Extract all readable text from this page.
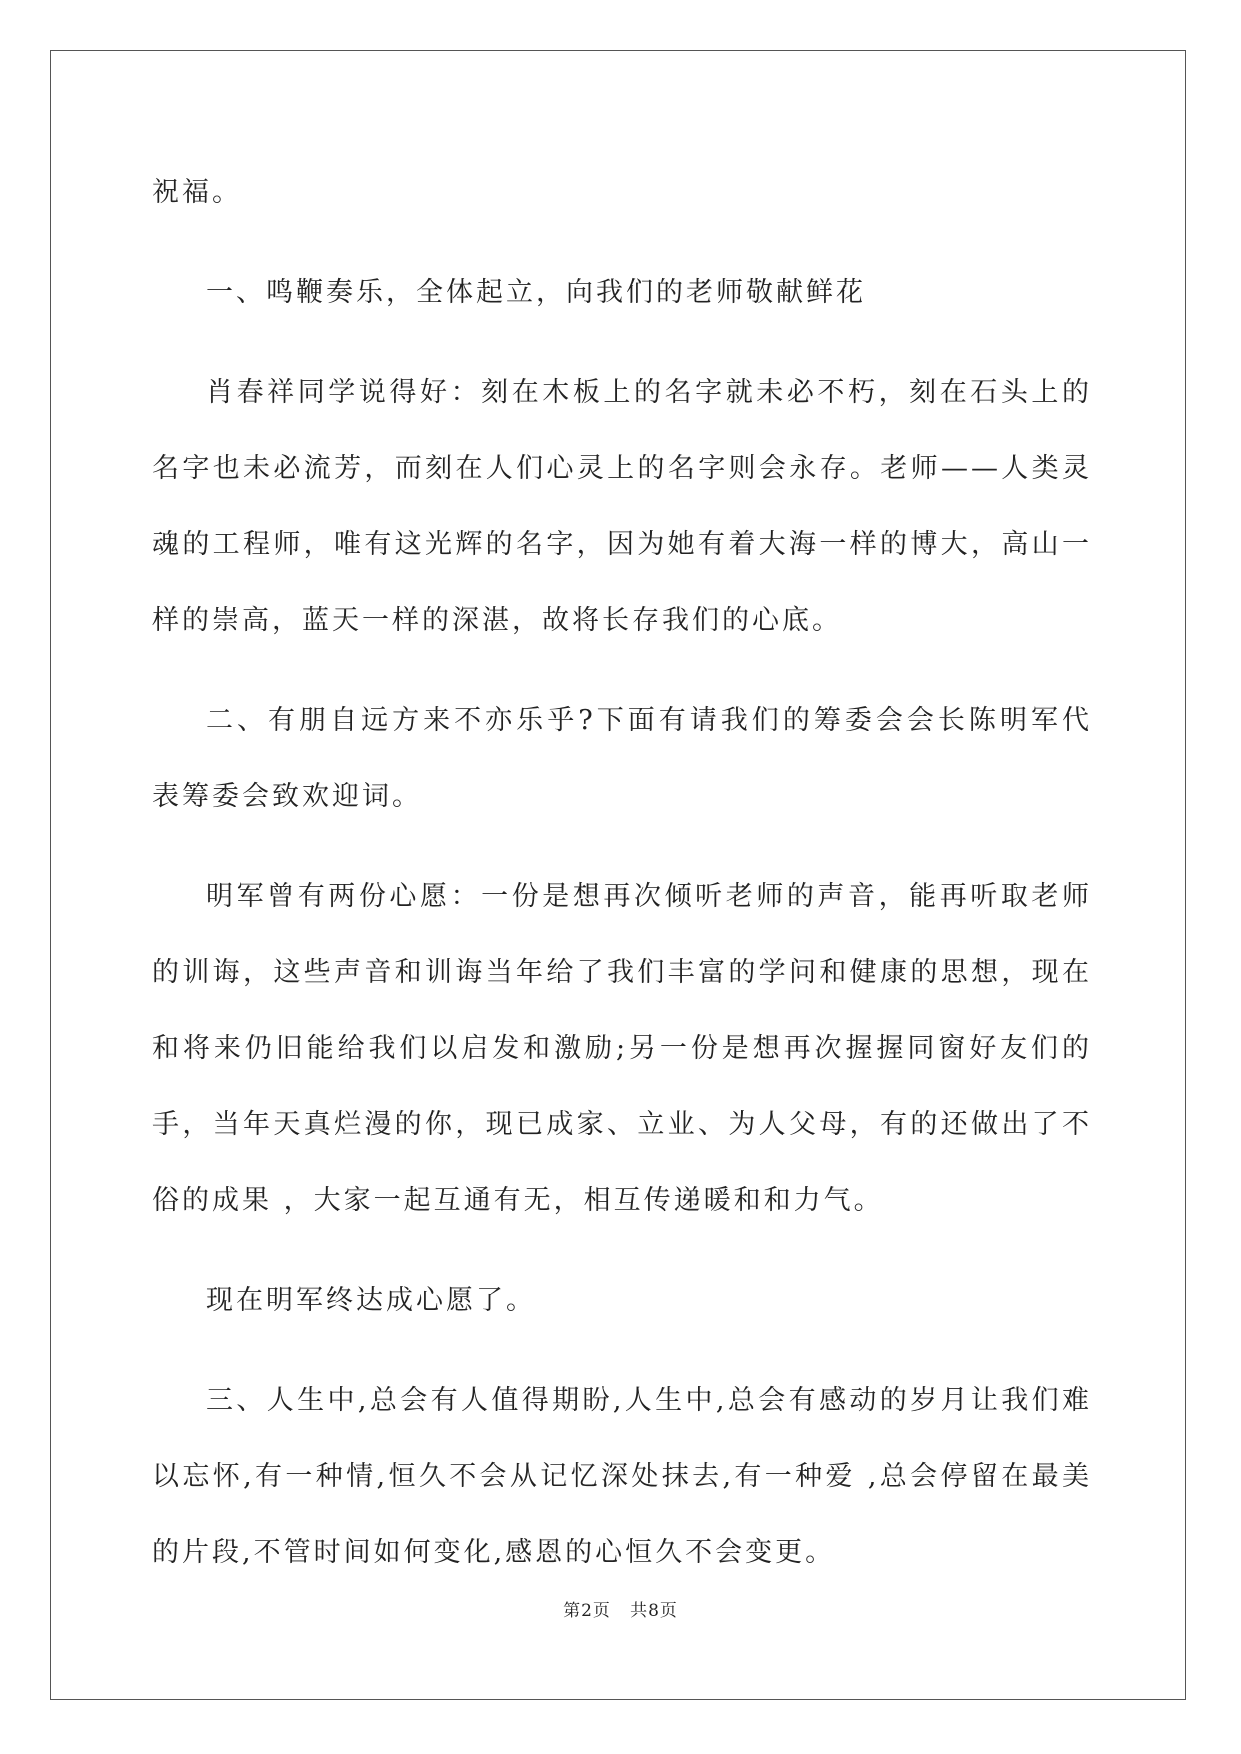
祝福。

一、鸣鞭奏乐，全体起立，向我们的老师敬献鲜花

肖春祥同学说得好：刻在木板上的名字就未必不朽，刻在石头上的名字也未必流芳，而刻在人们心灵上的名字则会永存。老师——人类灵魂的工程师，唯有这光辉的名字，因为她有着大海一样的博大，高山一样的崇高，蓝天一样的深湛，故将长存我们的心底。

二、有朋自远方来不亦乐乎?下面有请我们的筹委会会长陈明军代表筹委会致欢迎词。

明军曾有两份心愿：一份是想再次倾听老师的声音，能再听取老师的训诲，这些声音和训诲当年给了我们丰富的学问和健康的思想，现在和将来仍旧能给我们以启发和激励;另一份是想再次握握同窗好友们的手，当年天真烂漫的你，现已成家、立业、为人父母，有的还做出了不俗的成果 ，大家一起互通有无，相互传递暖和和力气。

现在明军终达成心愿了。

三、人生中,总会有人值得期盼,人生中,总会有感动的岁月让我们难以忘怀,有一种情,恒久不会从记忆深处抹去,有一种爱 ,总会停留在最美的片段,不管时间如何变化,感恩的心恒久不会变更。

第2页   共8页
